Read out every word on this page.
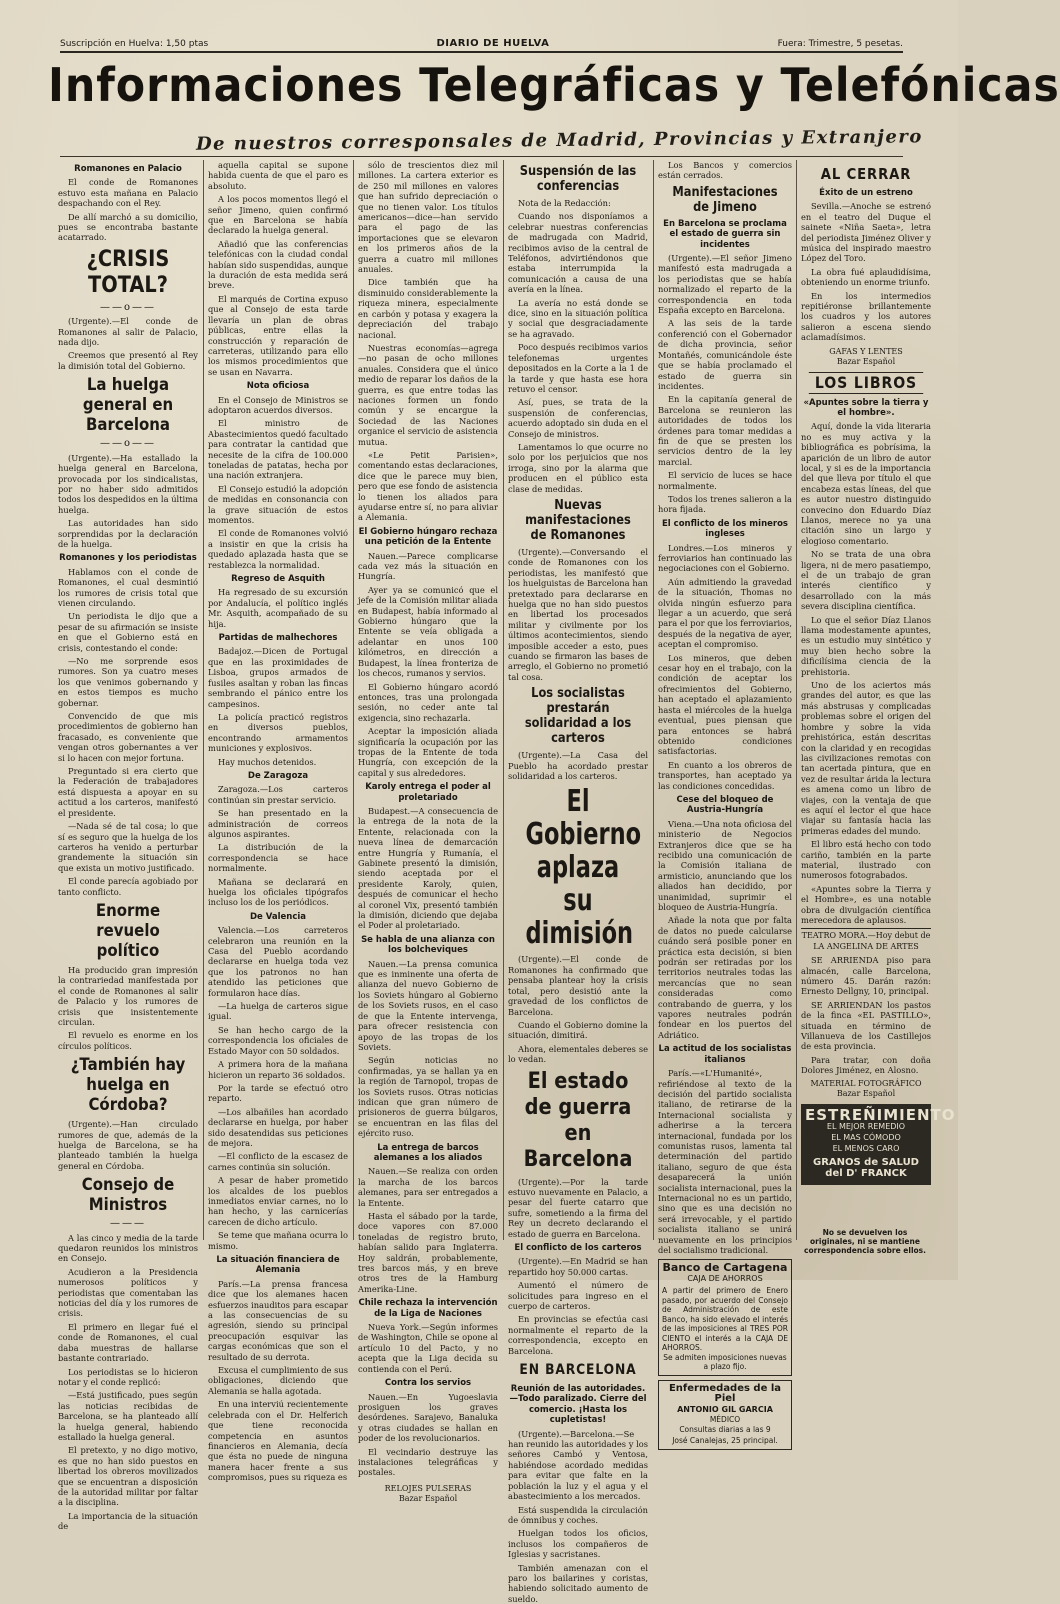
Suscripción en Huelva: 1,50 ptas	DIARIO DE HUELVA	Fuera: Trimestre, 5 pesetas.
Informaciones Telegráficas y Telefónicas
De nuestros corresponsales de Madrid, Provincias y Extranjero
Romanones en Palacio

El conde de Romanones estuvo esta mañana en Palacio despachando con el Rey.

De allí marchó a su domicilio, pues se encontraba bastante acatarrado.

¿CRISIS TOTAL?
——o——

(Urgente).—El conde de Romanones al salir de Palacio, nada dijo.

Creemos que presentó al Rey la dimisión total del Gobierno.

La huelga general en Barcelona
——o——

(Urgente).—Ha estallado la huelga general en Barcelona, provocada por los sindicalistas, por no haber sido admitidos todos los despedidos en la última huelga.

Las autoridades han sido sorprendidas por la declaración de la huelga.

Romanones y los periodistas

Hablamos con el conde de Romanones, el cual desmintió los rumores de crisis total que vienen circulando.

Un periodista le dijo que a pesar de su afirmación se insiste en que el Gobierno está en crisis, contestando el conde:

—No me sorprende esos rumores. Son ya cuatro meses los que venimos gobernando y en estos tiempos es mucho gobernar.

Convencido de que mis procedimientos de gobierno han fracasado, es conveniente que vengan otros gobernantes a ver si lo hacen con mejor fortuna.

Preguntado si era cierto que la Federación de trabajadores está dispuesta a apoyar en su actitud a los carteros, manifestó el presidente.

—Nada sé de tal cosa; lo que sí es seguro que la huelga de los carteros ha venido a perturbar grandemente la situación sin que exista un motivo justificado.

El conde parecía agobiado por tanto conflicto.

Enorme revuelo político

Ha producido gran impresión la contrariedad manifestada por el conde de Romanones al salir de Palacio y los rumores de crisis que insistentemente circulan.

El revuelo es enorme en los círculos políticos.

¿También hay huelga en Córdoba?

(Urgente).—Han circulado rumores de que, además de la huelga de Barcelona, se ha planteado también la huelga general en Córdoba.

Consejo de Ministros
———

A las cinco y media de la tarde quedaron reunidos los ministros en Consejo.

Acudieron a la Presidencia numerosos políticos y periodistas que comentaban las noticias del día y los rumores de crisis.

El primero en llegar fué el conde de Romanones, el cual daba muestras de hallarse bastante contrariado.

Los periodistas se lo hicieron notar y el conde replicó:

—Está justificado, pues según las noticias recibidas de Barcelona, se ha planteado allí la huelga general, habiendo estallado la huelga general.

El pretexto, y no digo motivo, es que no han sido puestos en libertad los obreros movilizados que se encuentran a disposición de la autoridad militar por faltar a la disciplina.

La importancia de la situación de

aquella capital se supone habida cuenta de que el paro es absoluto.

A los pocos momentos llegó el señor Jimeno, quien confirmó que en Barcelona se había declarado la huelga general.

Añadió que las conferencias telefónicas con la ciudad condal habían sido suspendidas, aunque la duración de esta medida será breve.

El marqués de Cortina expuso que al Consejo de esta tarde llevaría un plan de obras públicas, entre ellas la construcción y reparación de carreteras, utilizando para ello los mismos procedimientos que se usan en Navarra.

Nota oficiosa

En el Consejo de Ministros se adoptaron acuerdos diversos.

El ministro de Abastecimientos quedó facultado para contratar la cantidad que necesite de la cifra de 100.000 toneladas de patatas, hecha por una nación extranjera.

El Consejo estudió la adopción de medidas en consonancia con la grave situación de estos momentos.

El conde de Romanones volvió a insistir en que la crisis ha quedado aplazada hasta que se restablezca la normalidad.

Regreso de Asquith

Ha regresado de su excursión por Andalucía, el político inglés Mr. Asquith, acompañado de su hija.

Partidas de malhechores

Badajoz.—Dicen de Portugal que en las proximidades de Lisboa, grupos armados de fusiles asaltan y roban las fincas sembrando el pánico entre los campesinos.

La policía practicó registros en diversos pueblos, encontrando armamentos municiones y explosivos.

Hay muchos detenidos.

De Zaragoza

Zaragoza.—Los carteros continúan sin prestar servicio.

Se han presentado en la administración de correos algunos aspirantes.

La distribución de la correspondencia se hace normalmente.

Mañana se declarará en huelga los oficiales tipógrafos incluso los de los periódicos.

De Valencia

Valencia.—Los carreteros celebraron una reunión en la Casa del Pueblo acordando declararse en huelga toda vez que los patronos no han atendido las peticiones que formularon hace días.

—La huelga de carteros sigue igual.

Se han hecho cargo de la correspondencia los oficiales de Estado Mayor con 50 soldados.

A primera hora de la mañana hicieron un reparto 36 soldados.

Por la tarde se efectuó otro reparto.

—Los albañiles han acordado declararse en huelga, por haber sido desatendidas sus peticiones de mejora.

—El conflicto de la escasez de carnes continúa sin solución.

A pesar de haber prometido los alcaldes de los pueblos inmediatos enviar carnes, no lo han hecho, y las carnicerías carecen de dicho artículo.

Se teme que mañana ocurra lo mismo.

La situación financiera de Alemania

París.—La prensa francesa dice que los alemanes hacen esfuerzos inauditos para escapar a las consecuencias de su agresión, siendo su principal preocupación esquivar las cargas económicas que son el resultado de su derrota.

Excusa el cumplimiento de sus obligaciones, diciendo que Alemania se halla agotada.

En una interviú recientemente celebrada con el Dr. Helferich que tiene reconocida competencia en asuntos financieros en Alemania, decía que ésta no puede de ninguna manera hacer frente a sus compromisos, pues su riqueza es

sólo de trescientos diez mil millones. La cartera exterior es de 250 mil millones en valores que han sufrido depreciación o que no tienen valor. Los títulos americanos—dice—han servido para el pago de las importaciones que se elevaron en los primeros años de la guerra a cuatro mil millones anuales.

Dice también que ha disminuido considerablemente la riqueza minera, especialmente en carbón y potasa y exagera la depreciación del trabajo nacional.

Nuestras economías—agrega—no pasan de ocho millones anuales. Considera que el único medio de reparar los daños de la guerra, es que entre todas las naciones formen un fondo común y se encargue la Sociedad de las Naciones organice el servicio de asistencia mutua.

«Le Petit Parisien», comentando estas declaraciones, dice que le parece muy bien, pero que ese fondo de asistencia lo tienen los aliados para ayudarse entre sí, no para aliviar a Alemania.

El Gobierno húngaro rechaza una petición de la Entente

Nauen.—Parece complicarse cada vez más la situación en Hungría.

Ayer ya se comunicó que el jefe de la Comisión militar aliada en Budapest, había informado al Gobierno húngaro que la Entente se veía obligada a adelantar en unos 100 kilómetros, en dirección a Budapest, la línea fronteriza de los checos, rumanos y servios.

El Gobierno húngaro acordó entonces, tras una prolongada sesión, no ceder ante tal exigencia, sino rechazarla.

Aceptar la imposición aliada significaría la ocupación por las tropas de la Entente de toda Hungría, con excepción de la capital y sus alrededores.

Karoly entrega el poder al proletariado

Budapest.—A consecuencia de la entrega de la nota de la Entente, relacionada con la nueva línea de demarcación entre Hungría y Rumanía, el Gabinete presentó la dimisión, siendo aceptada por el presidente Karoly, quien, después de comunicar el hecho al coronel Vix, presentó también la dimisión, diciendo que dejaba el Poder al proletariado.

Se habla de una alianza con los bolcheviques

Nauen.—La prensa comunica que es inminente una oferta de alianza del nuevo Gobierno de los Soviets húngaro al Gobierno de los Soviets rusos, en el caso de que la Entente intervenga, para ofrecer resistencia con apoyo de las tropas de los Soviets.

Según noticias no confirmadas, ya se hallan ya en la región de Tarnopol, tropas de los Soviets rusos. Otras noticias indican que gran número de prisioneros de guerra búlgaros, se encuentran en las filas del ejército ruso.

La entrega de barcos alemanes a los aliados

Nauen.—Se realiza con orden la marcha de los barcos alemanes, para ser entregados a la Entente.

Hasta el sábado por la tarde, doce vapores con 87.000 toneladas de registro bruto, habían salido para Inglaterra. Hoy saldrán, probablemente, tres barcos más, y en breve otros tres de la Hamburg Amerika-Line.

Chile rechaza la intervención de la Liga de Naciones

Nueva York.—Según informes de Washington, Chile se opone al artículo 10 del Pacto, y no acepta que la Liga decida su contienda con el Perú.

Contra los servios

Nauen.—En Yugoeslavia prosiguen los graves desórdenes. Sarajevo, Banaluka y otras ciudades se hallan en poder de los revolucionarios.

El vecindario destruye las instalaciones telegráficas y postales.

RELOJES PULSERAS
Bazar Español
Suspensión de las conferencias

Nota de la Redacción:

Cuando nos disponíamos a celebrar nuestras conferencias de madrugada con Madrid, recibimos aviso de la central de Teléfonos, advirtiéndonos que estaba interrumpida la comunicación a causa de una avería en la línea.

La avería no está donde se dice, sino en la situación política y social que desgraciadamente se ha agravado.

Poco después recibimos varios telefonemas urgentes depositados en la Corte a la 1 de la tarde y que hasta ese hora retuvo el censor.

Así, pues, se trata de la suspensión de conferencias, acuerdo adoptado sin duda en el Consejo de ministros.

Lamentamos lo que ocurre no solo por los perjuicios que nos irroga, sino por la alarma que producen en el público esta clase de medidas.

Nuevas manifestaciones de Romanones

(Urgente).—Conversando el conde de Romanones con los periodistas, les manifestó que los huelguistas de Barcelona han pretextado para declararse en huelga que no han sido puestos en libertad los procesados militar y civilmente por los últimos acontecimientos, siendo imposible acceder a esto, pues cuando se firmaron las bases de arreglo, el Gobierno no prometió tal cosa.

Los socialistas prestarán solidaridad a los carteros

(Urgente).—La Casa del Pueblo ha acordado prestar solidaridad a los carteros.

El Gobierno aplaza su dimisión

(Urgente).—El conde de Romanones ha confirmado que pensaba plantear hoy la crisis total, pero desistió ante la gravedad de los conflictos de Barcelona.

Cuando el Gobierno domine la situación, dimitirá.

Ahora, elementales deberes se lo vedan.

El estado de guerra en Barcelona

(Urgente).—Por la tarde estuvo nuevamente en Palacio, a pesar del fuerte catarro que sufre, sometiendo a la firma del Rey un decreto declarando el estado de guerra en Barcelona.

El conflicto de los carteros

(Urgente).—En Madrid se han repartido hoy 50.000 cartas.

Aumentó el número de solicitudes para ingreso en el cuerpo de carteros.

En provincias se efectúa casi normalmente el reparto de la correspondencia, excepto en Barcelona.

EN BARCELONA
Reunión de las autoridades.—Todo paralizado. Cierre del comercio. ¡Hasta los cupletistas!

(Urgente).—Barcelona.—Se han reunido las autoridades y los señores Cambó y Ventosa, habiéndose acordado medidas para evitar que falte en la población la luz y el agua y el abastecimiento a los mercados.

Está suspendida la circulación de ómnibus y coches.

Huelgan todos los oficios, inclusos los compañeros de Iglesias y sacristanes.

También amenazan con el paro los bailarines y coristas, habiendo solicitado aumento de sueldo.

Los Bancos y comercios están cerrados.

Manifestaciones de Jimeno
En Barcelona se proclama el estado de guerra sin incidentes

(Urgente).—El señor Jimeno manifestó esta madrugada a los periodistas que se había normalizado el reparto de la correspondencia en toda España excepto en Barcelona.

A las seis de la tarde conferenció con el Gobernador de dicha provincia, señor Montañés, comunicándole éste que se había proclamado el estado de guerra sin incidentes.

En la capitanía general de Barcelona se reunieron las autoridades de todos los órdenes para tomar medidas a fin de que se presten los servicios dentro de la ley marcial.

El servicio de luces se hace normalmente.

Todos los trenes salieron a la hora fijada.

El conflicto de los mineros ingleses

Londres.—Los mineros y ferroviarios han continuado las negociaciones con el Gobierno.

Aún admitiendo la gravedad de la situación, Thomas no olvida ningún esfuerzo para llegar a un acuerdo, que será para el por que los ferroviarios, después de la negativa de ayer, aceptan el compromiso.

Los mineros, que deben cesar hoy en el trabajo, con la condición de aceptar los ofrecimientos del Gobierno, han aceptado el aplazamiento hasta el miércoles de la huelga eventual, pues piensan que para entonces se habrá obtenido condiciones satisfactorias.

En cuanto a los obreros de transportes, han aceptado ya las condiciones concedidas.

Cese del bloqueo de Austria-Hungría

Viena.—Una nota oficiosa del ministerio de Negocios Extranjeros dice que se ha recibido una comunicación de la Comisión italiana de armisticio, anunciando que los aliados han decidido, por unanimidad, suprimir el bloqueo de Austria-Hungría.

Añade la nota que por falta de datos no puede calcularse cuándo será posible poner en práctica esta decisión, si bien podrán ser retiradas por los territorios neutrales todas las mercancías que no sean consideradas como contrabando de guerra, y los vapores neutrales podrán fondear en los puertos del Adriático.

La actitud de los socialistas italianos

París.—«L'Humanité», refiriéndose al texto de la decisión del partido socialista italiano, de retirarse de la Internacional socialista y adherirse a la tercera internacional, fundada por los comunistas rusos, lamenta tal determinación del partido italiano, seguro de que ésta desaparecerá la unión socialista internacional, pues la Internacional no es un partido, sino que es una decisión no será irrevocable, y el partido socialista italiano se unirá nuevamente en los principios del socialismo tradicional.

Banco de Cartagena
CAJA DE AHORROS
A partir del primero de Enero pasado, por acuerdo del Consejo de Administración de este Banco, ha sido elevado el interés de las imposiciones al TRES POR CIENTO el interés a la CAJA DE AHORROS.
Se admiten imposiciones nuevas a plazo fijo.
Enfermedades de la Piel
ANTONIO GIL GARCIA
MÉDICO
Consultas diarias a las 9
José Canalejas, 25 principal.
AL CERRAR
Éxito de un estreno

Sevilla.—Anoche se estrenó en el teatro del Duque el sainete «Niña Saeta», letra del periodista Jiménez Oliver y música del inspirado maestro López del Toro.

La obra fué aplaudidísima, obteniendo un enorme triunfo.

En los intermedios repitiéronse brillantemente los cuadros y los autores salieron a escena siendo aclamadísimos.

GAFAS Y LENTES
Bazar Español
LOS LIBROS
«Apuntes sobre la tierra y el hombre».

Aquí, donde la vida literaria no es muy activa y la bibliográfica es pobrísima, la aparición de un libro de autor local, y si es de la importancia del que lleva por título el que encabeza estas líneas, del que es autor nuestro distinguido convecino don Eduardo Díaz Llanos, merece no ya una citación sino un largo y elogioso comentario.

No se trata de una obra ligera, ni de mero pasatiempo, el de un trabajo de gran interés científico y desarrollado con la más severa disciplina científica.

Lo que el señor Díaz Llanos llama modestamente apuntes, es un estudio muy sintético y muy bien hecho sobre la dificilísima ciencia de la prehistoria.

Uno de los aciertos más grandes del autor, es que las más abstrusas y complicadas problemas sobre el origen del hombre y sobre la vida prehistórica, están descritas con la claridad y en recogidas las civilizaciones remotas con tan acertada pintura, que en vez de resultar árida la lectura es amena como un libro de viajes, con la ventaja de que es aquí el lector el que hace viajar su fantasía hacia las primeras edades del mundo.

El libro está hecho con todo cariño, también en la parte material, ilustrado con numerosos fotograbados.

«Apuntes sobre la Tierra y el Hombre», es una notable obra de divulgación científica merecedora de aplausos.

TEATRO MORA.—Hoy debut de LA ANGELINA DE ARTES

SE ARRIENDA piso para almacén, calle Barcelona, número 45. Darán razón: Ernesto Dellgny, 10, principal.

SE ARRIENDAN los pastos de la finca «EL PASTILLO», situada en término de Villanueva de los Castillejos de esta provincia.

Para tratar, con doña Dolores Jiménez, en Alosno.

MATERIAL FOTOGRÁFICO
Bazar Español
ESTREÑIMIENTO
EL MEJOR REMEDIO
EL MAS CÓMODO
EL MENOS CARO
GRANOS de SALUD del D' FRANCK
No se devuelven los originales, ni se mantiene correspondencia sobre ellos.
